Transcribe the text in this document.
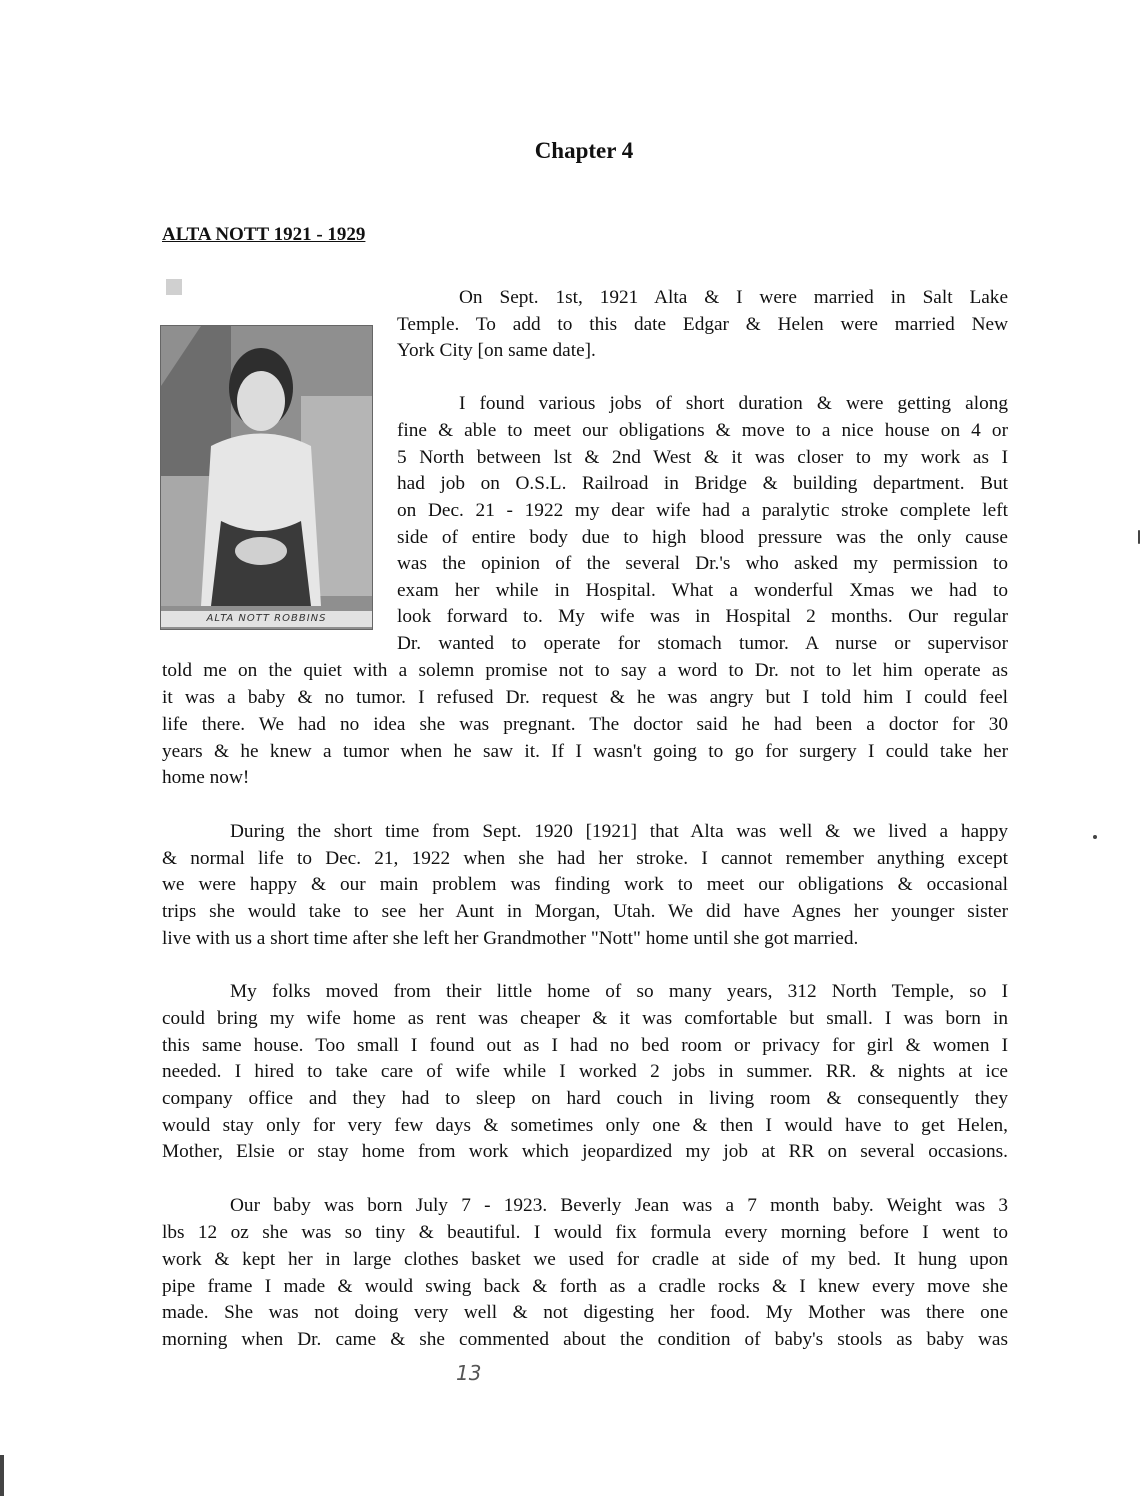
Chapter 4
ALTA NOTT 1921 - 1929
ALTA NOTT ROBBINS
On Sept. 1st, 1921 Alta & I were married in Salt Lake
Temple. To add to this date Edgar & Helen were married New
York City [on same date].
I found various jobs of short duration & were getting along
fine & able to meet our obligations & move to a nice house on 4 or
5 North between lst & 2nd West & it was closer to my work as I
had job on O.S.L. Railroad in Bridge & building department. But
on Dec. 21 - 1922 my dear wife had a paralytic stroke complete left
side of entire body due to high blood pressure was the only cause
was the opinion of the several Dr.'s who asked my permission to
exam her while in Hospital. What a wonderful Xmas we had to
look forward to. My wife was in Hospital 2 months. Our regular
Dr. wanted to operate for stomach tumor. A nurse or supervisor
told me on the quiet with a solemn promise not to say a word to Dr. not to let him operate as
it was a baby & no tumor. I refused Dr. request & he was angry but I told him I could feel
life there. We had no idea she was pregnant. The doctor said he had been a doctor for 30
years & he knew a tumor when he saw it. If I wasn't going to go for surgery I could take her
home now!
During the short time from Sept. 1920 [1921] that Alta was well & we lived a happy
& normal life to Dec. 21, 1922 when she had her stroke. I cannot remember anything except
we were happy & our main problem was finding work to meet our obligations & occasional
trips she would take to see her Aunt in Morgan, Utah. We did have Agnes her younger sister
live with us a short time after she left her Grandmother "Nott" home until she got married.
My folks moved from their little home of so many years, 312 North Temple, so I
could bring my wife home as rent was cheaper & it was comfortable but small. I was born in
this same house. Too small I found out as I had no bed room or privacy for girl & women I
needed. I hired to take care of wife while I worked 2 jobs in summer. RR. & nights at ice
company office and they had to sleep on hard couch in living room & consequently they
would stay only for very few days & sometimes only one & then I would have to get Helen,
Mother, Elsie or stay home from work which jeopardized my job at RR on several occasions.
Our baby was born July 7 - 1923. Beverly Jean was a 7 month baby. Weight was 3
lbs 12 oz she was so tiny & beautiful. I would fix formula every morning before I went to
work & kept her in large clothes basket we used for cradle at side of my bed. It hung upon
pipe frame I made & would swing back & forth as a cradle rocks & I knew every move she
made. She was not doing very well & not digesting her food. My Mother was there one
morning when Dr. came & she commented about the condition of baby's stools as baby was
13
